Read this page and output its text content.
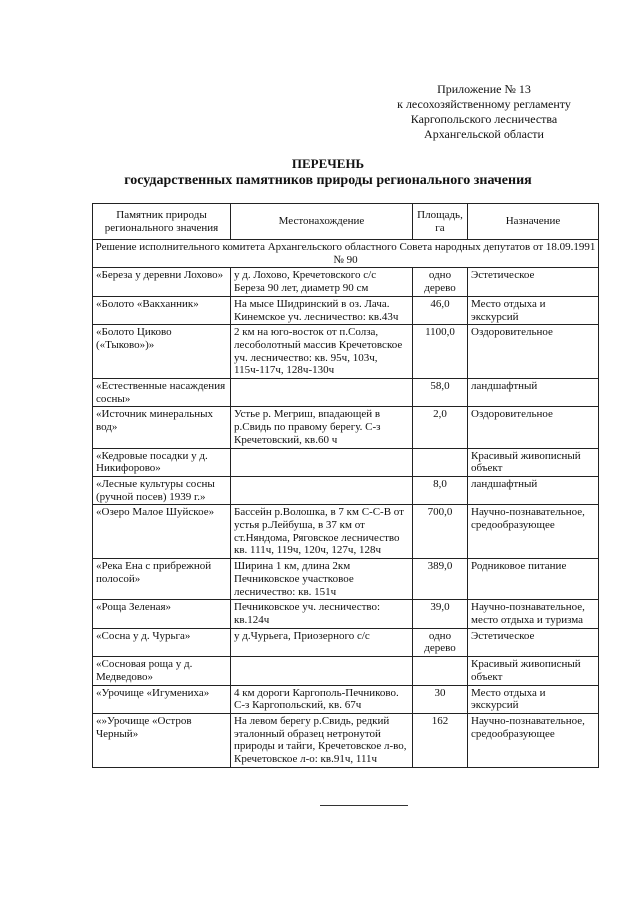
Приложение № 13
к лесохозяйственному регламенту
Каргопольского лесничества
Архангельской области
ПЕРЕЧЕНЬ
государственных памятников природы регионального значения
Памятник природы регионального значения	Местонахождение	Площадь, га	Назначение
Решение исполнительного комитета Архангельского областного Совета народных депутатов от 18.09.1991 № 90			
«Береза у деревни Лохово»	у д. Лохово, Кречетовского с/с Береза 90 лет, диаметр 90 см	одно дерево	Эстетическое
«Болото «Вакханник»	На мысе Шидринский в оз. Лача. Кинемское уч. лесничество: кв.43ч	46,0	Место отдыха и экскурсий
«Болото Циково («Тыково»)»	2 км на юго-восток от п.Солза, лесоболотный массив Кречетовское уч. лесничество: кв. 95ч, 103ч, 115ч-117ч, 128ч-130ч	1100,0	Оздоровительное
«Естественные насаждения сосны»		58,0	ландшафтный
«Источник минеральных вод»	Устье р. Мегриш, впадающей в р.Свидь по правому берегу. С-з Кречетовский, кв.60 ч	2,0	Оздоровительное
«Кедровые посадки у д. Никифорово»			Красивый живописный объект
«Лесные культуры сосны (ручной посев) 1939 г.»		8,0	ландшафтный
«Озеро Малое Шуйское»	Бассейн р.Волошка, в 7 км С-С-В от устья р.Лейбуша, в 37 км от ст.Няндома, Ряговское лесничество кв. 111ч, 119ч, 120ч, 127ч, 128ч	700,0	Научно-познавательное, средообразующее
«Река Ена с прибрежной полосой»	Ширина 1 км, длина 2км Печниковское участковое лесничество: кв. 151ч	389,0	Родниковое питание
«Роща Зеленая»	Печниковское уч. лесничество: кв.124ч	39,0	Научно-познавательное, место отдыха и туризма
«Сосна у д. Чурьга»	у д.Чурьега, Приозерного с/с	одно дерево	Эстетическое
«Сосновая роща у д. Медведово»			Красивый живописный объект
«Урочище «Игумениха»	4 км дороги Каргополь-Печниково. С-з Каргопольский, кв. 67ч	30	Место отдыха и экскурсий
«»Урочище «Остров Черный»	На левом берегу р.Свидь, редкий эталонный образец нетронутой природы и тайги, Кречетовское л-во, Кречетовское л-о: кв.91ч, 111ч	162	Научно-познавательное, средообразующее
